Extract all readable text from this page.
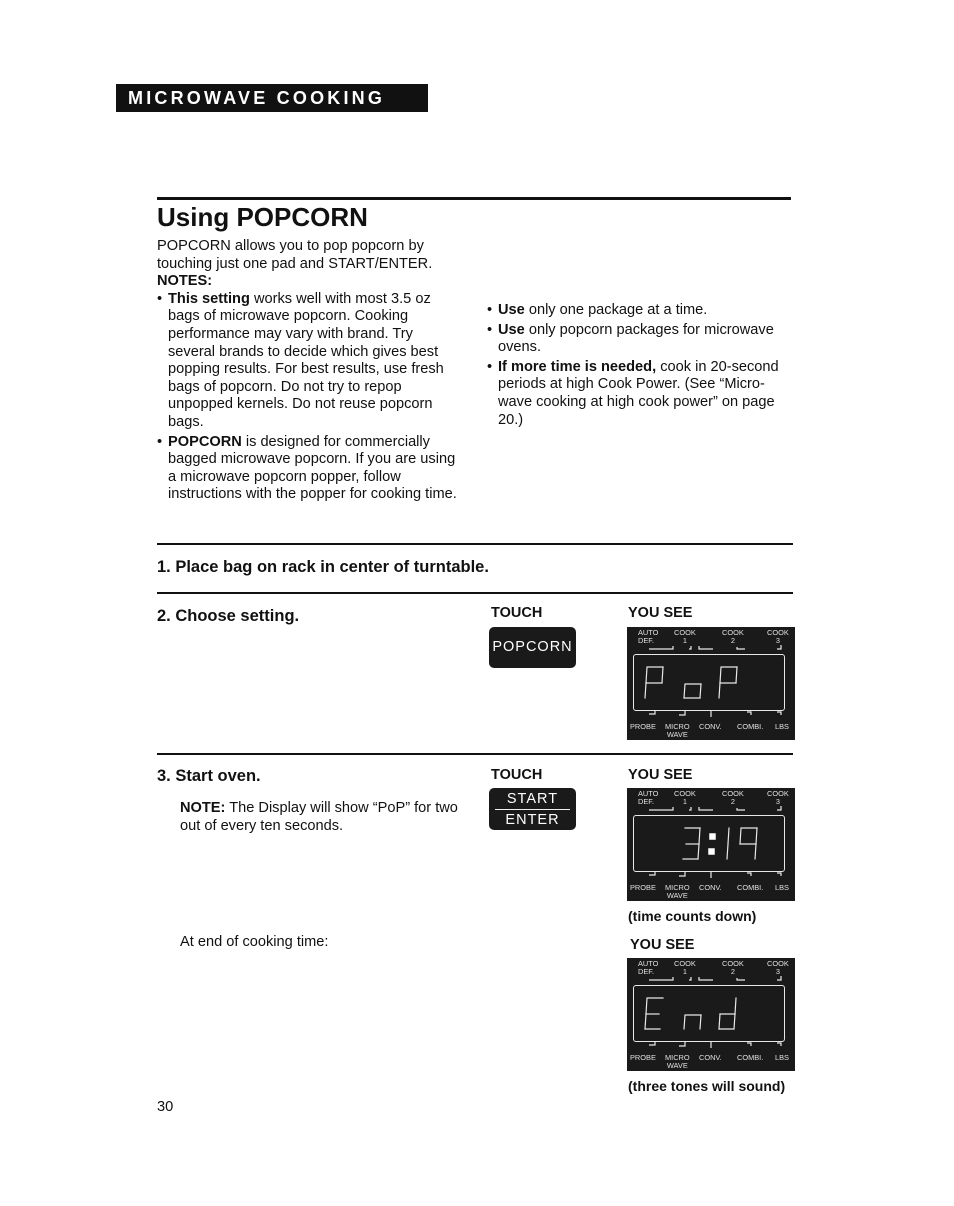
MICROWAVE COOKING
Using POPCORN

POPCORN allows you to pop popcorn by touching just one pad and START/ENTER.

NOTES:

• This setting works well with most 3.5 oz bags of microwave popcorn. Cooking performance may vary with brand. Try several brands to decide which gives best popping results. For best results, use fresh bags of popcorn. Do not try to repop unpopped kernels. Do not reuse popcorn bags.
• POPCORN is designed for commercially bagged microwave popcorn. If you are using a microwave popcorn popper, follow instructions with the popper for cooking time.
• Use only one package at a time.
• Use only popcorn packages for microwave ovens.
• If more time is needed, cook in 20-second periods at high Cook Power. (See “Micro-wave cooking at high cook power” on page 20.)
1. Place bag on rack in center of turntable.
2. Choose setting.	TOUCH	YOU SEE
POPCORN
AUTO
DEF.
COOK
1
COOK
2
COOK
3
PROBE MICRO
WAVE
CONV. COMBI. LBS
3. Start oven.
NOTE: The Display will show “PoP” for two out of every ten seconds.
TOUCH	YOU SEE
START
ENTER
AUTO
DEF.
COOK
1
COOK
2
COOK
3
PROBE MICRO
WAVE
CONV. COMBI. LBS
(time counts down)
At end of cooking time:	YOU SEE
AUTO
DEF.
COOK
1
COOK
2
COOK
3
PROBE MICRO
WAVE
CONV. COMBI. LBS
(three tones will sound)
30
